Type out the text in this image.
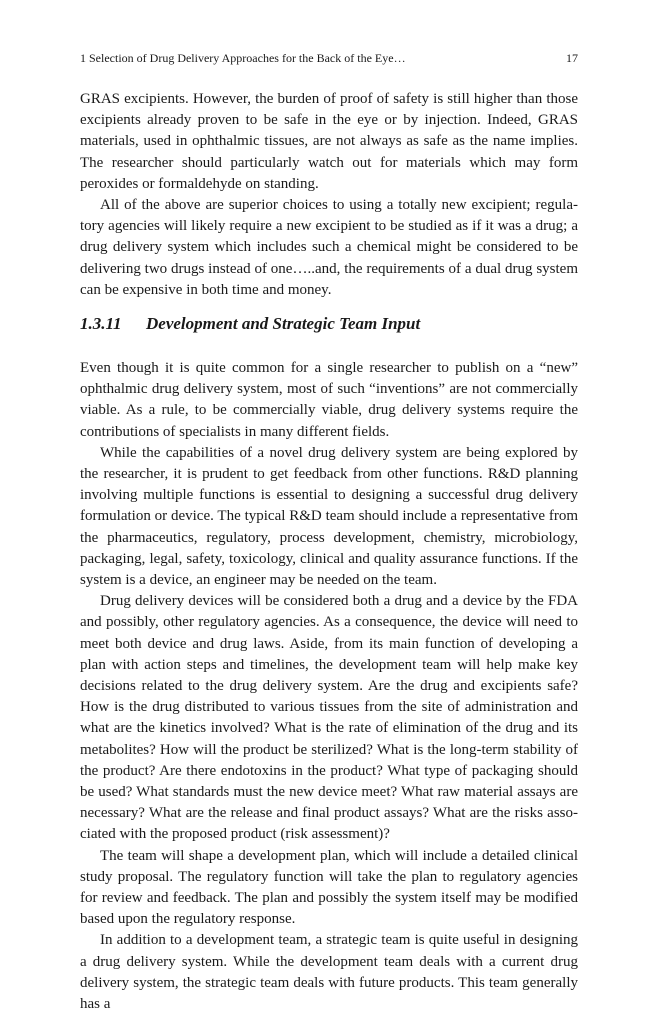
1 Selection of Drug Delivery Approaches for the Back of the Eye…	17

GRAS excipients. However, the burden of proof of safety is still higher than those excipients already proven to be safe in the eye or by injection. Indeed, GRAS materials, used in ophthalmic tissues, are not always as safe as the name implies. The researcher should particularly watch out for materials which may form peroxides or formaldehyde on standing.

All of the above are superior choices to using a totally new excipient; regulatory agencies will likely require a new excipient to be studied as if it was a drug; a drug delivery system which includes such a chemical might be considered to be delivering two drugs instead of one…..and, the requirements of a dual drug system can be expensive in both time and money.

1.3.11 Development and Strategic Team Input

Even though it is quite common for a single researcher to publish on a “new” ophthalmic drug delivery system, most of such “inventions” are not commercially viable. As a rule, to be commercially viable, drug delivery systems require the contributions of specialists in many different fields.

While the capabilities of a novel drug delivery system are being explored by the researcher, it is prudent to get feedback from other functions. R&D planning involving multiple functions is essential to designing a successful drug delivery formulation or device. The typical R&D team should include a representative from the pharmaceutics, regulatory, process development, chemistry, microbiology, packaging, legal, safety, toxicology, clinical and quality assurance functions. If the system is a device, an engineer may be needed on the team.

Drug delivery devices will be considered both a drug and a device by the FDA and possibly, other regulatory agencies. As a consequence, the device will need to meet both device and drug laws. Aside, from its main function of developing a plan with action steps and timelines, the development team will help make key decisions related to the drug delivery system. Are the drug and excipients safe? How is the drug distributed to various tissues from the site of administration and what are the kinetics involved? What is the rate of elimination of the drug and its metabolites? How will the product be sterilized? What is the long-term stability of the product? Are there endotoxins in the product? What type of packaging should be used? What standards must the new device meet? What raw material assays are necessary? What are the release and final product assays? What are the risks associated with the proposed product (risk assessment)?

The team will shape a development plan, which will include a detailed clinical study proposal. The regulatory function will take the plan to regulatory agencies for review and feedback. The plan and possibly the system itself may be modified based upon the regulatory response.

In addition to a development team, a strategic team is quite useful in designing a drug delivery system. While the development team deals with a current drug delivery system, the strategic team deals with future products. This team generally has a
